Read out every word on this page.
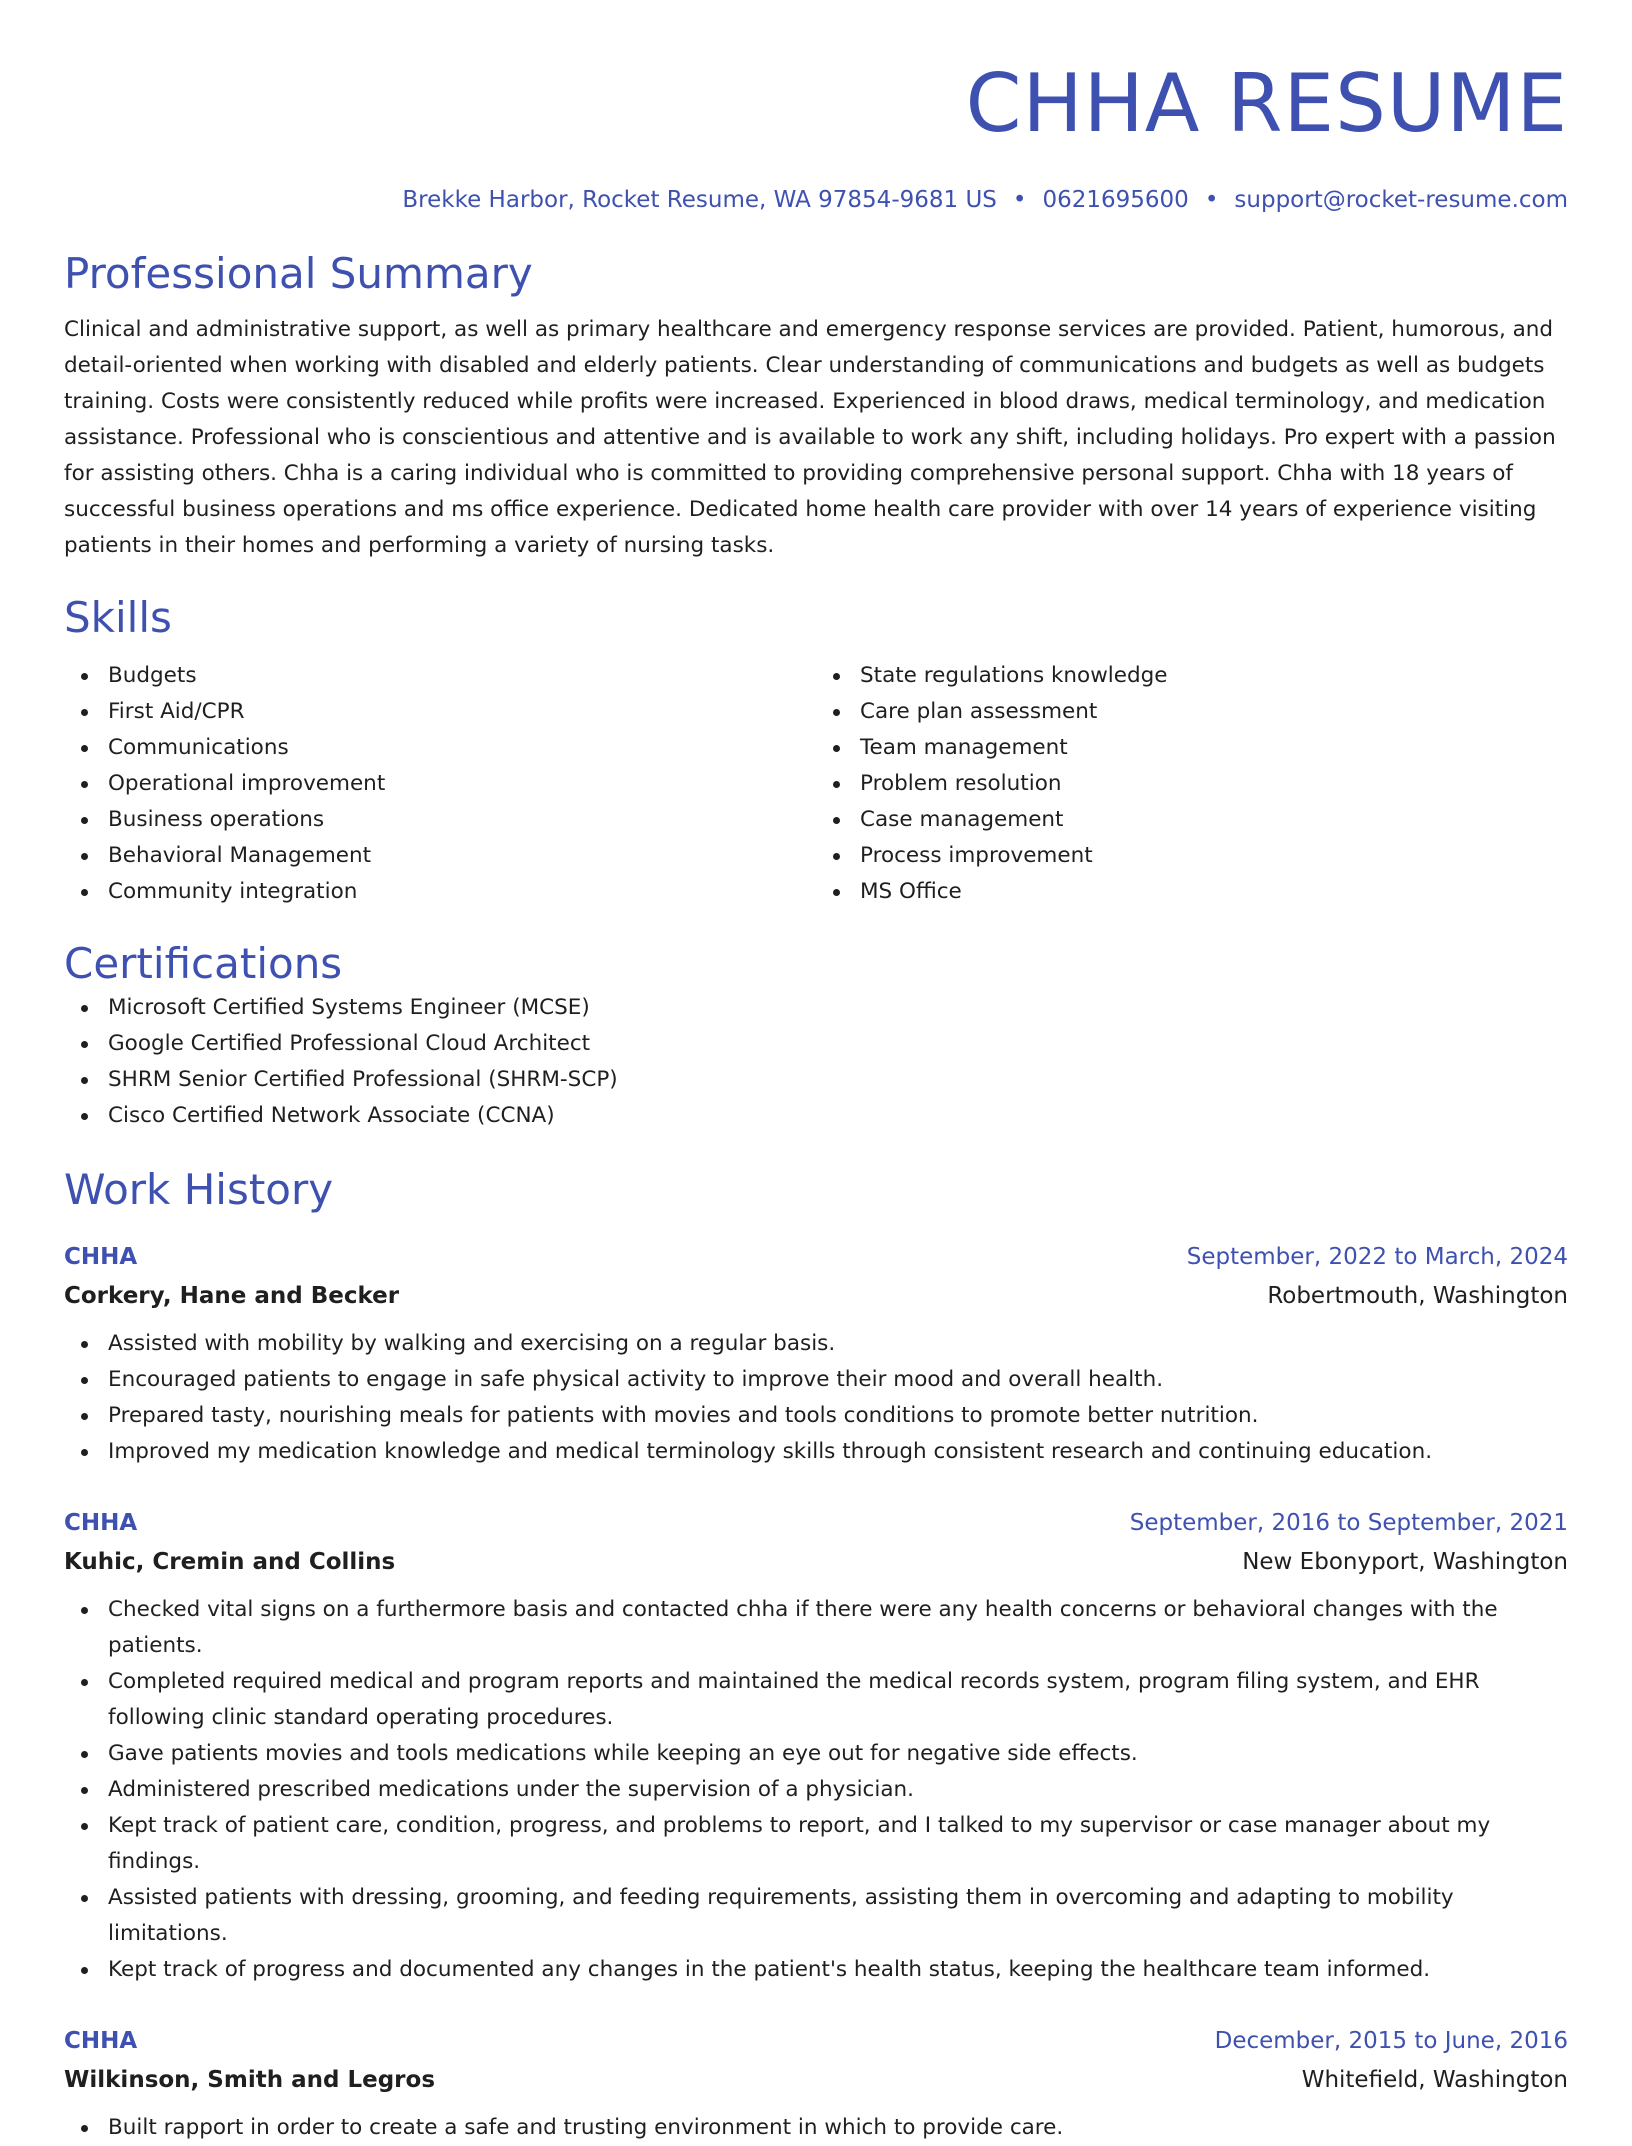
CHHA RESUME
Brekke Harbor, Rocket Resume, WA 97854-9681 US • 0621695600 • support@rocket-resume.com
Professional Summary

Clinical and administrative support, as well as primary healthcare and emergency response services are provided. Patient, humorous, and detail-oriented when working with disabled and elderly patients. Clear understanding of communications and budgets as well as budgets training. Costs were consistently reduced while profits were increased. Experienced in blood draws, medical terminology, and medication assistance. Professional who is conscientious and attentive and is available to work any shift, including holidays. Pro expert with a passion for assisting others. Chha is a caring individual who is committed to providing comprehensive personal support. Chha with 18 years of successful business operations and ms office experience. Dedicated home health care provider with over 14 years of experience visiting patients in their homes and performing a variety of nursing tasks.

Skills
Budgets
First Aid/CPR
Communications
Operational improvement
Business operations
Behavioral Management
Community integration
State regulations knowledge
Care plan assessment
Team management
Problem resolution
Case management
Process improvement
MS Office
Certifications
Microsoft Certified Systems Engineer (MCSE)
Google Certified Professional Cloud Architect
SHRM Senior Certified Professional (SHRM-SCP)
Cisco Certified Network Associate (CCNA)
Work History
CHHA	September, 2022 to March, 2024
Corkery, Hane and Becker	Robertmouth, Washington
Assisted with mobility by walking and exercising on a regular basis.
Encouraged patients to engage in safe physical activity to improve their mood and overall health.
Prepared tasty, nourishing meals for patients with movies and tools conditions to promote better nutrition.
Improved my medication knowledge and medical terminology skills through consistent research and continuing education.
CHHA	September, 2016 to September, 2021
Kuhic, Cremin and Collins	New Ebonyport, Washington
Checked vital signs on a furthermore basis and contacted chha if there were any health concerns or behavioral changes with the patients.
Completed required medical and program reports and maintained the medical records system, program filing system, and EHR following clinic standard operating procedures.
Gave patients movies and tools medications while keeping an eye out for negative side effects.
Administered prescribed medications under the supervision of a physician.
Kept track of patient care, condition, progress, and problems to report, and I talked to my supervisor or case manager about my findings.
Assisted patients with dressing, grooming, and feeding requirements, assisting them in overcoming and adapting to mobility limitations.
Kept track of progress and documented any changes in the patient's health status, keeping the healthcare team informed.
CHHA	December, 2015 to June, 2016
Wilkinson, Smith and Legros	Whitefield, Washington
Built rapport in order to create a safe and trusting environment in which to provide care.
